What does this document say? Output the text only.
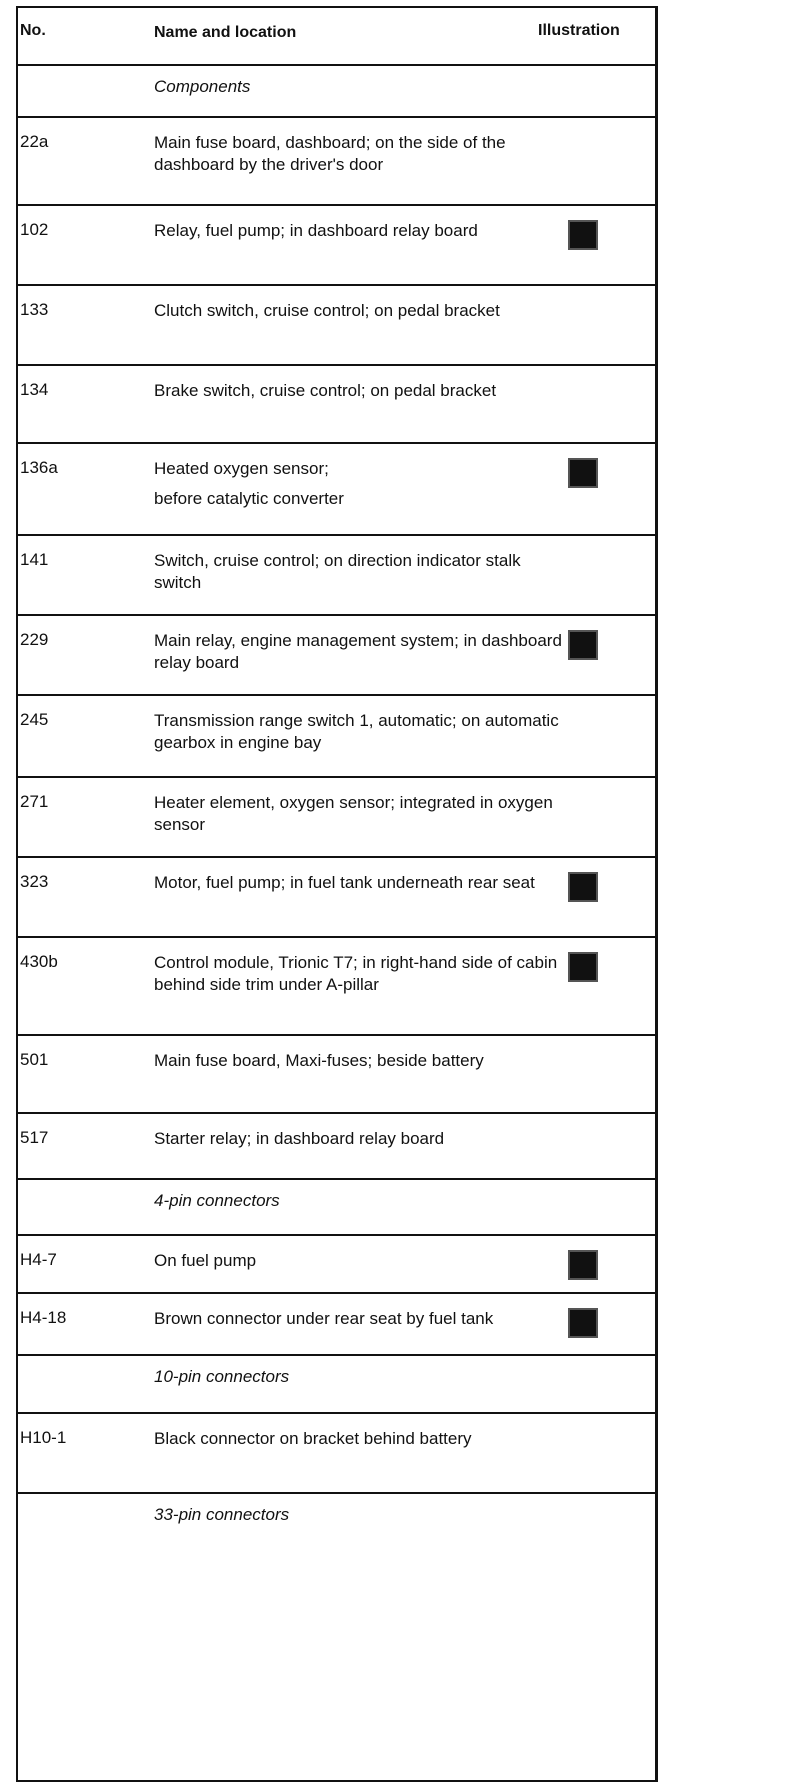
No.	Name and location	Illustration
Components
22a	Main fuse board, dashboard; on the side of the dashboard by the driver's door
102	Relay, fuel pump; in dashboard relay board
133	Clutch switch, cruise control; on pedal bracket
134	Brake switch, cruise control; on pedal bracket
136a	Heated oxygen sensor;
before catalytic converter
141	Switch, cruise control; on direction indicator stalk switch
229	Main relay, engine management system; in dashboard relay board
245	Transmission range switch 1, automatic; on automatic gearbox in engine bay
271	Heater element, oxygen sensor; integrated in oxygen sensor
323	Motor, fuel pump; in fuel tank underneath rear seat
430b	Control module, Trionic T7; in right-hand side of cabin behind side trim under A-pillar
501	Main fuse board, Maxi-fuses; beside battery
517	Starter relay; in dashboard relay board
4-pin connectors
H4-7	On fuel pump
H4-18	Brown connector under rear seat by fuel tank
10-pin connectors
H10-1	Black connector on bracket behind battery
33-pin connectors
